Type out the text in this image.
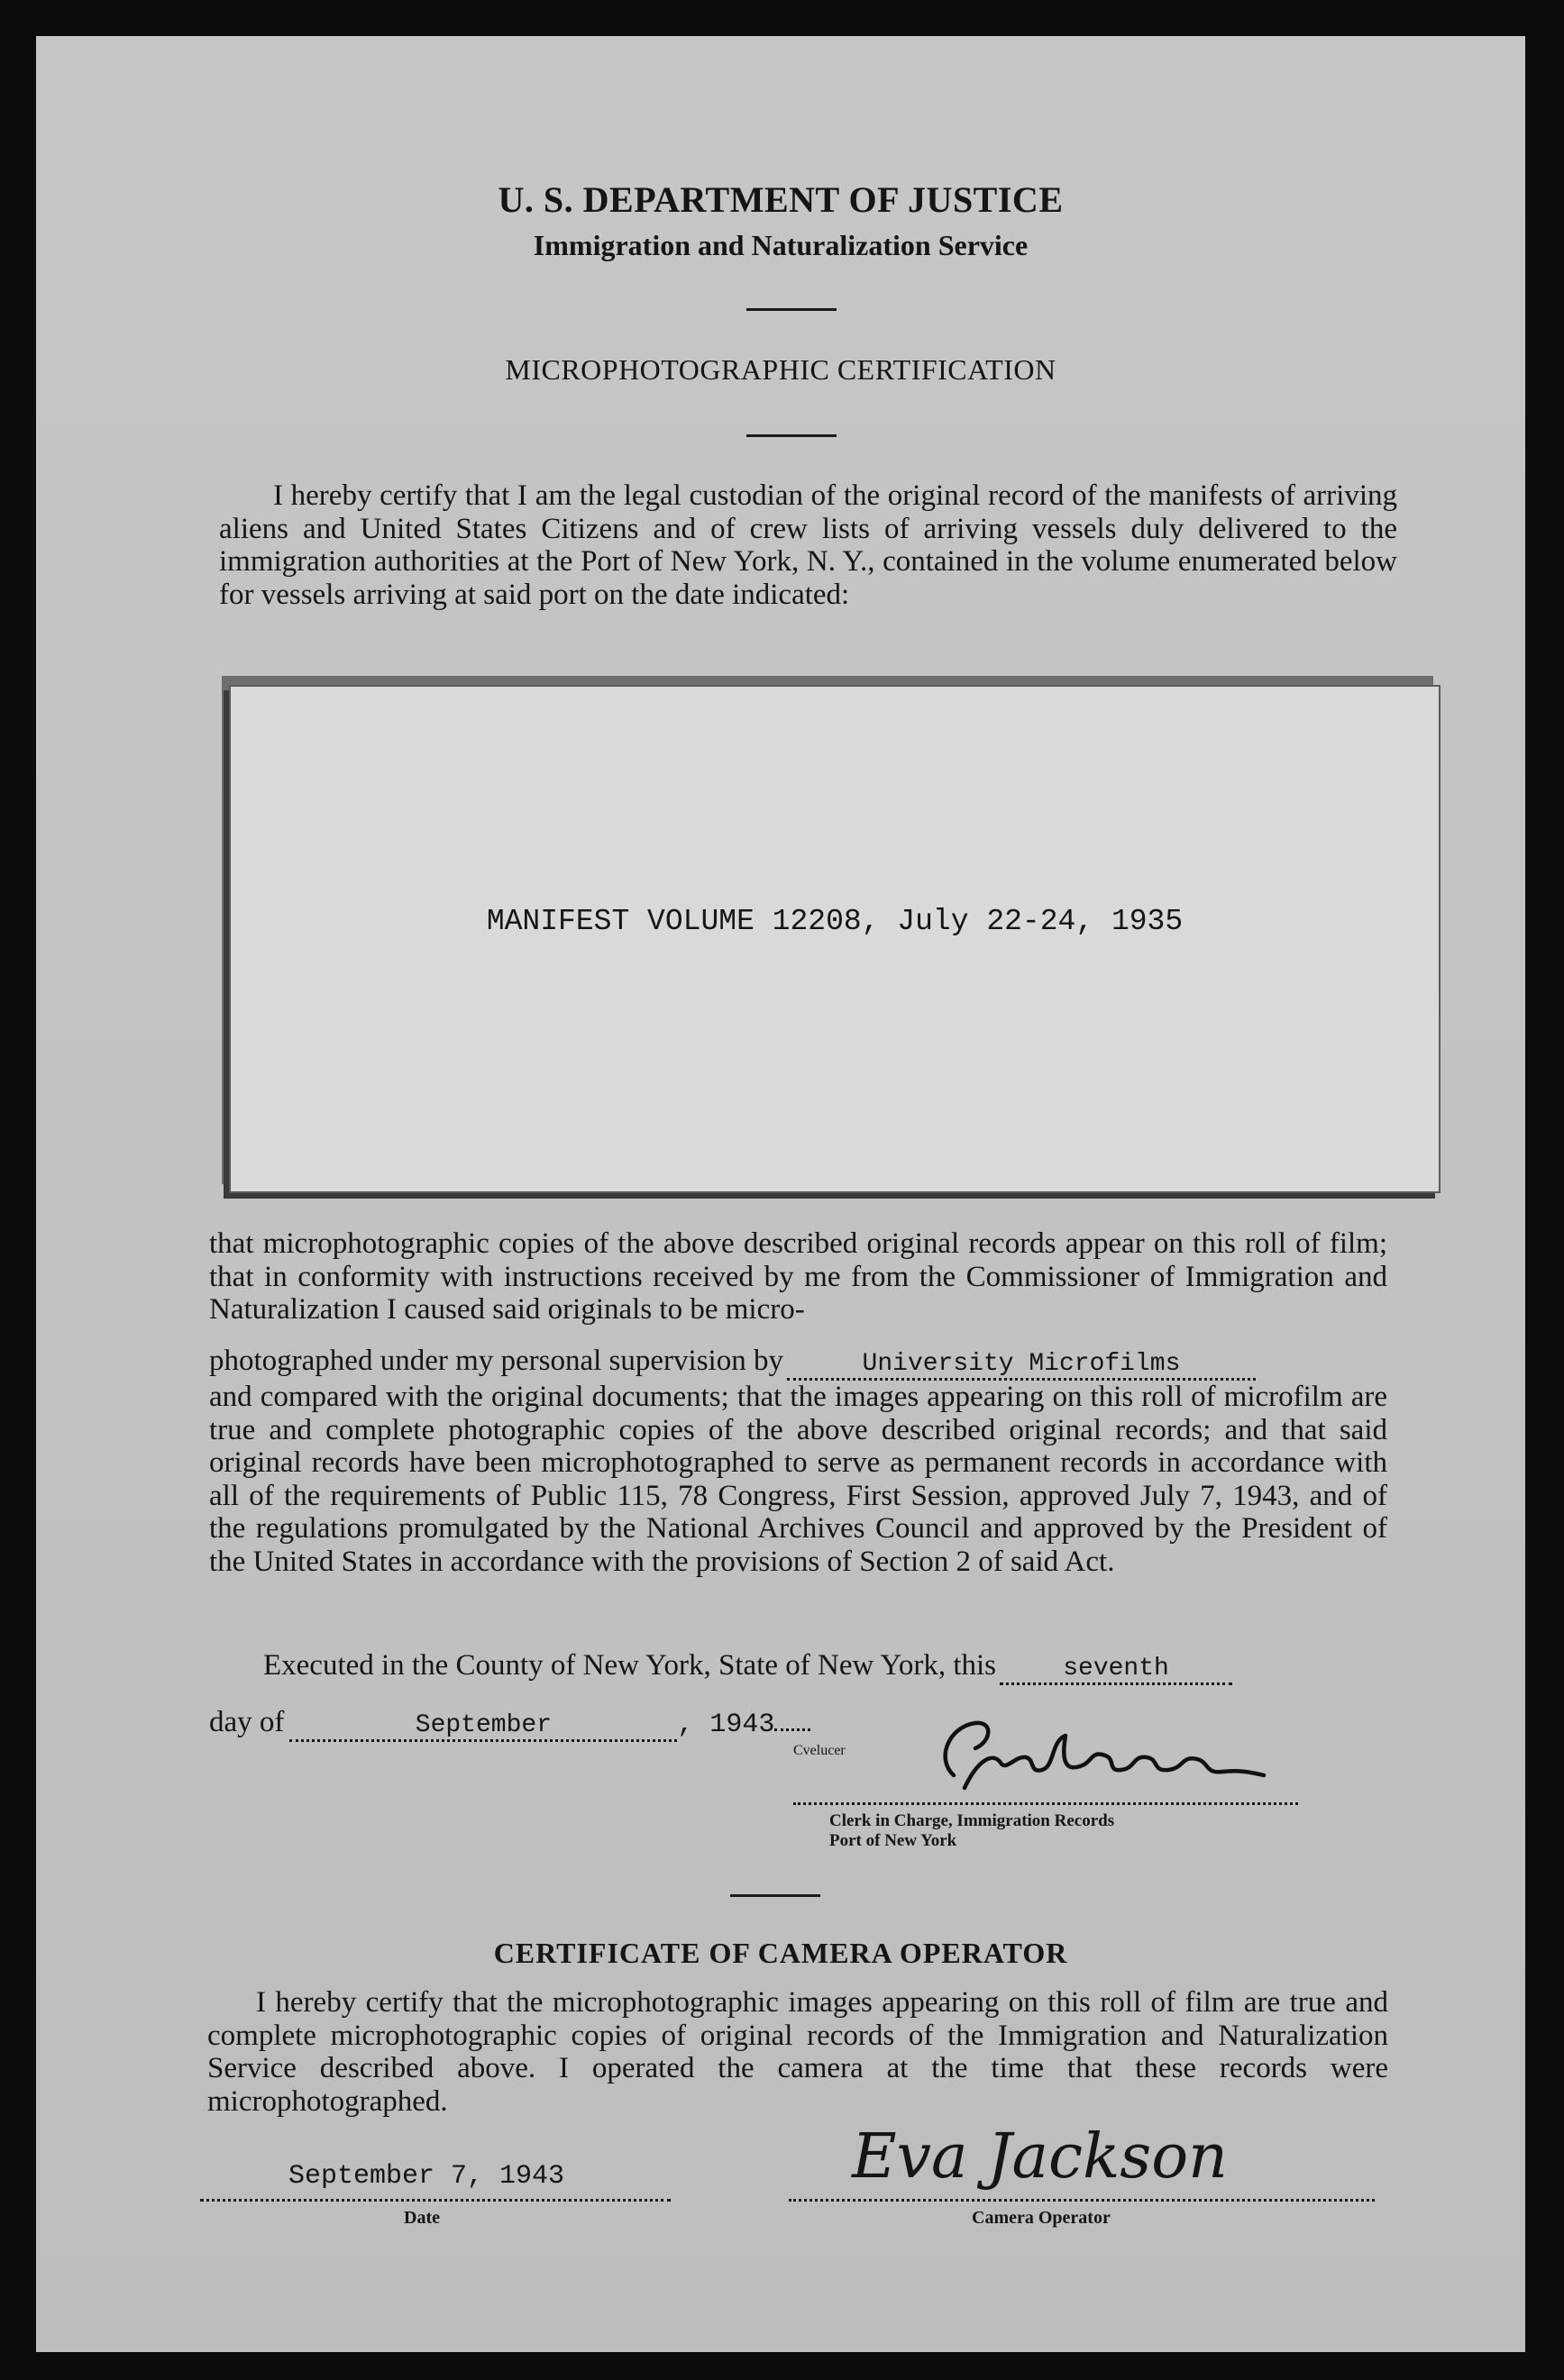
U. S. DEPARTMENT OF JUSTICE
Immigration and Naturalization Service
MICROPHOTOGRAPHIC CERTIFICATION

I hereby certify that I am the legal custodian of the original record of the manifests of arriving aliens and United States Citizens and of crew lists of arriving vessels duly delivered to the immigration authorities at the Port of New York, N. Y., contained in the volume enumerated below for vessels arriving at said port on the date indicated:

MANIFEST VOLUME 12208, July 22-24, 1935

that microphotographic copies of the above described original records appear on this roll of film; that in conformity with instructions received by me from the Commissioner of Immigration and Naturalization I caused said originals to be micro-

photographed under my personal supervision by	University Microfilms

and compared with the original documents; that the images appearing on this roll of microfilm are true and complete photographic copies of the above described original records; and that said original records have been microphotographed to serve as permanent records in accordance with all of the requirements of Public 115, 78 Congress, First Session, approved July 7, 1943, and of the regulations promulgated by the National Archives Council and approved by the President of the United States in accordance with the provisions of Section 2 of said Act.

Executed in the County of New York, State of New York, this	seventh
day of	September	, 1943
Cvelucer
Clerk in Charge, Immigration Records
Port of New York
CERTIFICATE OF CAMERA OPERATOR

I hereby certify that the microphotographic images appearing on this roll of film are true and complete microphotographic copies of original records of the Immigration and Naturalization Service described above. I operated the camera at the time that these records were microphotographed.

September 7, 1943
Date
Eva Jackson
Camera Operator
